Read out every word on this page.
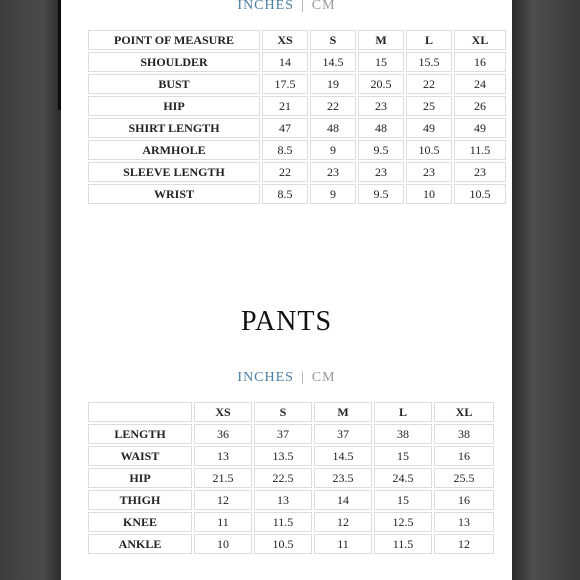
INCHES | CM
POINT OF MEASURE	XS	S	M	L	XL
SHOULDER	14	14.5	15	15.5	16
BUST	17.5	19	20.5	22	24
HIP	21	22	23	25	26
SHIRT LENGTH	47	48	48	49	49
ARMHOLE	8.5	9	9.5	10.5	11.5
SLEEVE LENGTH	22	23	23	23	23
WRIST	8.5	9	9.5	10	10.5
PANTS
INCHES | CM
	XS	S	M	L	XL
LENGTH	36	37	37	38	38
WAIST	13	13.5	14.5	15	16
HIP	21.5	22.5	23.5	24.5	25.5
THIGH	12	13	14	15	16
KNEE	11	11.5	12	12.5	13
ANKLE	10	10.5	11	11.5	12
